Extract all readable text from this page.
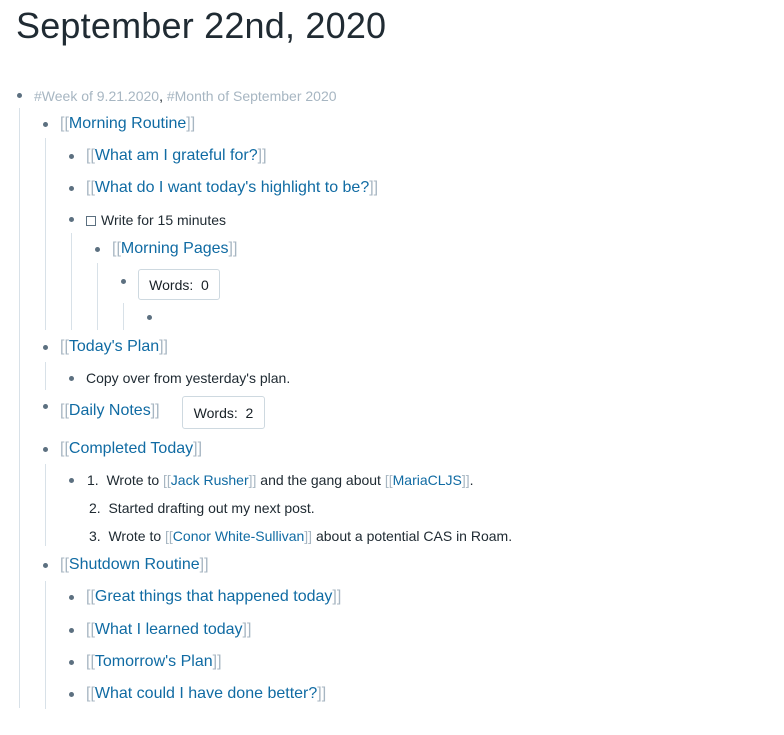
September 22nd, 2020
#Week of 9.21.2020, #Month of September 2020
[[Morning Routine]]
[[What am I grateful for?]]
[[What do I want today's highlight to be?]]
Write for 15 minutes
[[Morning Pages]]
Words:  0
[[Today's Plan]]
Copy over from yesterday's plan.
[[Daily Notes]] Words:  2
[[Completed Today]]
1. Wrote to [[Jack Rusher]] and the gang about [[MariaCLJS]].
2. Started drafting out my next post.
3. Wrote to [[Conor White-Sullivan]] about a potential CAS in Roam.
[[Shutdown Routine]]
[[Great things that happened today]]
[[What I learned today]]
[[Tomorrow's Plan]]
[[What could I have done better?]]
